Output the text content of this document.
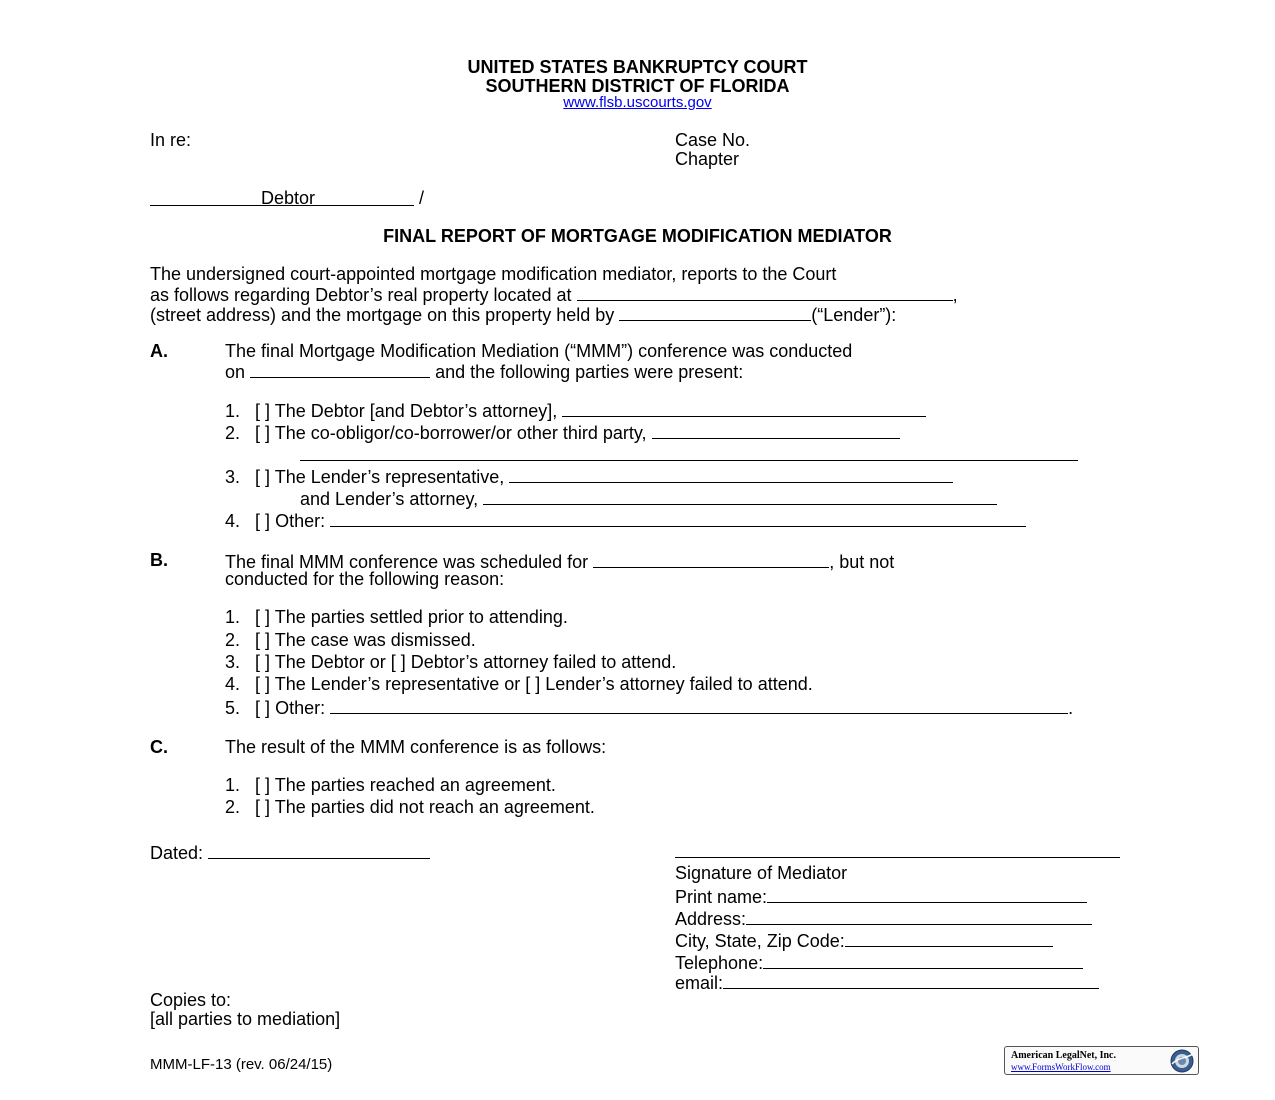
UNITED STATES BANKRUPTCY COURT
SOUTHERN DISTRICT OF FLORIDA
www.flsb.uscourts.gov
In re:	Case No.
Chapter
Debtor	/
FINAL REPORT OF MORTGAGE MODIFICATION MEDIATOR
The undersigned court-appointed mortgage modification mediator, reports to the Court
as follows regarding Debtor’s real property located at	,
(street address) and the mortgage on this property held by	(“Lender”):
A.	The final Mortgage Modification Mediation (“MMM”) conference was conducted
on	and the following parties were present:
1. [ ] The Debtor [and Debtor’s attorney],
2. [ ] The co-obligor/co-borrower/or other third party,
3. [ ] The Lender’s representative,
and Lender’s attorney,
4. [ ] Other:
B.	The final MMM conference was scheduled for	, but not
conducted for the following reason:
1. [ ] The parties settled prior to attending.
2. [ ] The case was dismissed.
3. [ ] The Debtor or [ ] Debtor’s attorney failed to attend.
4. [ ] The Lender’s representative or [ ] Lender’s attorney failed to attend.
5. [ ] Other:	.
C.	The result of the MMM conference is as follows:
1. [ ] The parties reached an agreement.
2. [ ] The parties did not reach an agreement.
Dated:
Signature of Mediator
Print name:
Address:
City, State, Zip Code:
Telephone:
email:
Copies to:
[all parties to mediation]
MMM-LF-13 (rev. 06/24/15)
American LegalNet, Inc.
www.FormsWorkFlow.com
